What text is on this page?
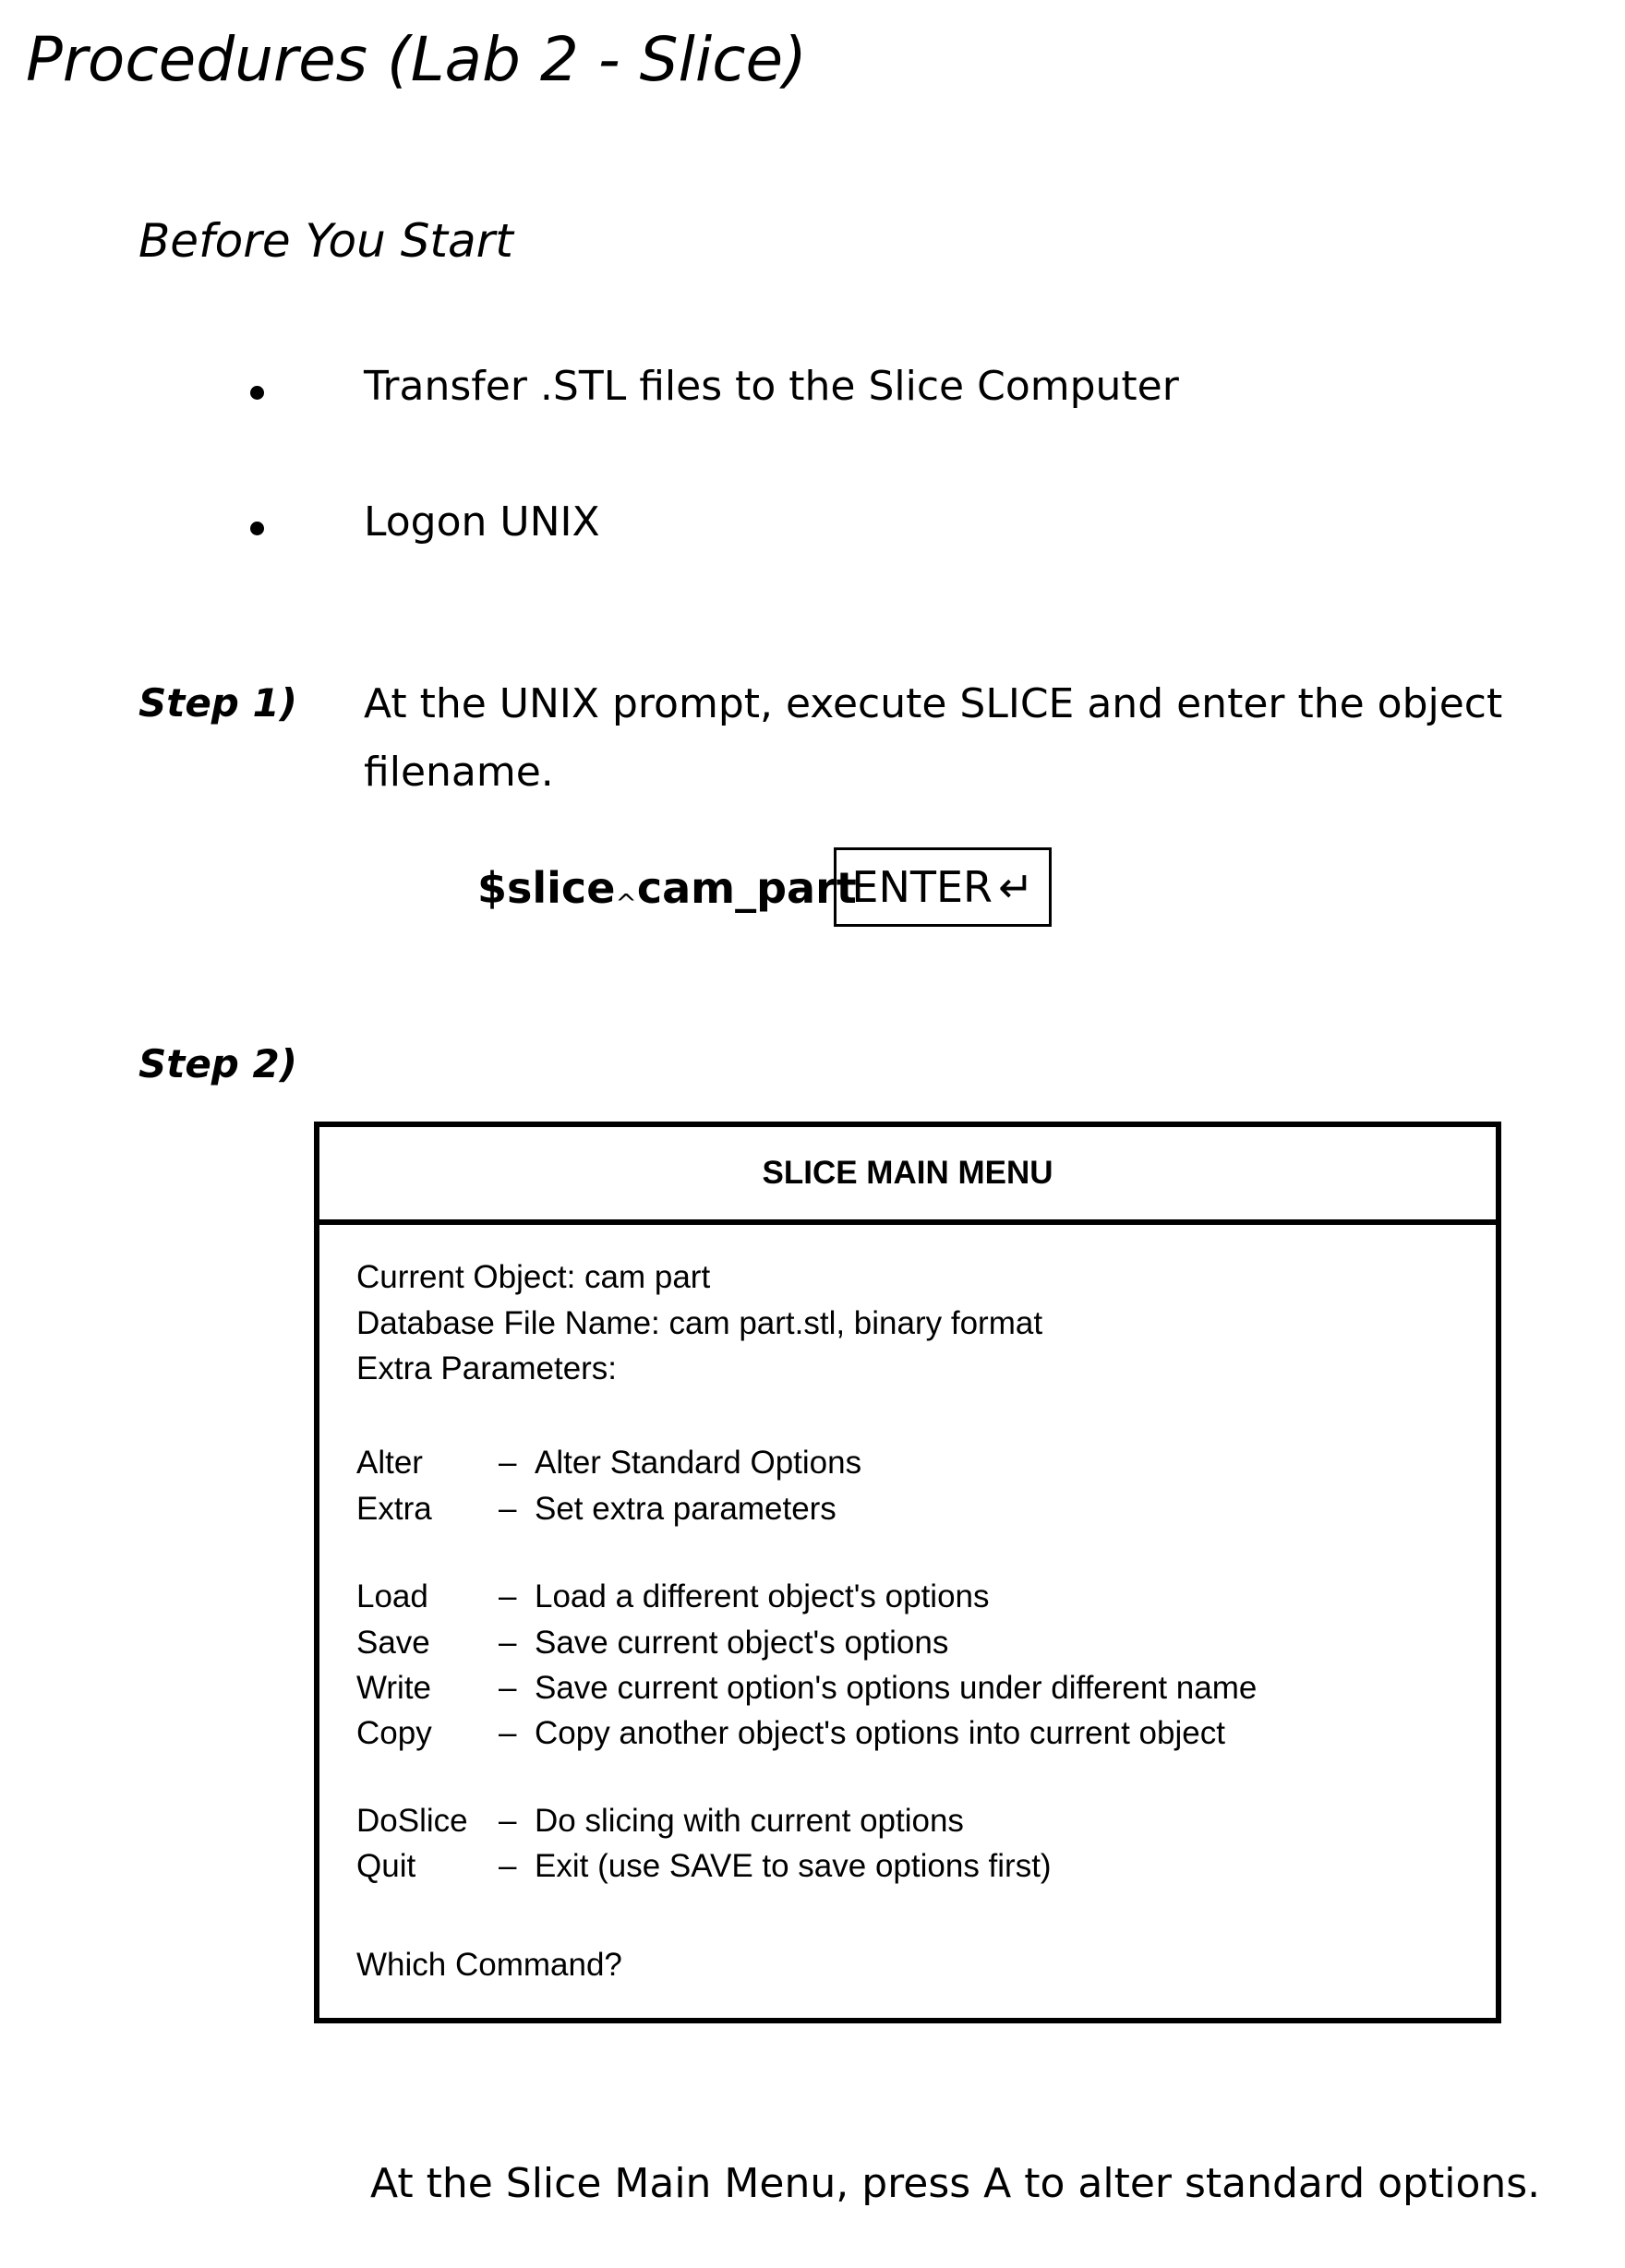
Procedures (Lab 2 - Slice)
Before You Start
Transfer .STL files to the Slice Computer
Logon UNIX
Step 1) At the UNIX prompt, execute SLICE and enter the object
filename.
$slice^cam_part
ENTER ↵
Step 2)
SLICE MAIN MENU
Current Object: cam part
Database File Name: cam part.stl, binary format
Extra Parameters:
Alter – Alter Standard Options
Extra – Set extra parameters
Load – Load a different object's options
Save – Save current object's options
Write – Save current option's options under different name
Copy – Copy another object's options into current object
DoSlice – Do slicing with current options
Quit	– Exit (use SAVE to save options first)
Which Command?
At the Slice Main Menu, press A to alter standard options.
